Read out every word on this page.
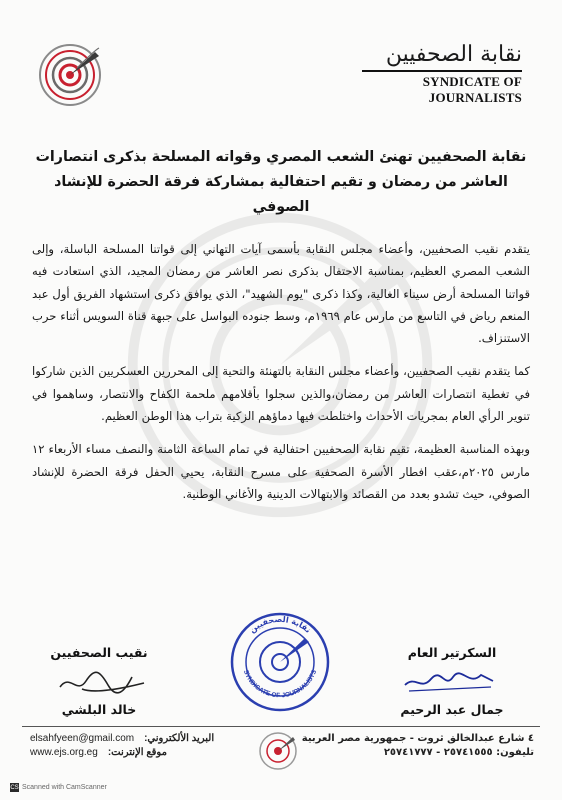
نقابة الصحفيين
SYNDICATE OF JOURNALISTS
نقابة الصحفيين تهنئ الشعب المصري وقواته المسلحة بذكرى انتصارات
العاشر من رمضان و تقيم احتفالية بمشاركة فرقة الحضرة للإنشاد الصوفي

يتقدم نقيب الصحفيين، وأعضاء مجلس النقابة بأسمى آيات التهاني إلى قواتنا المسلحة الباسلة، وإلى الشعب المصري العظيم، بمناسبة الاحتفال بذكرى نصر العاشر من رمضان المجيد، الذي استعادت فيه قواتنا المسلحة أرض سيناء الغالية، وكذا ذكرى "يوم الشهيد"، الذي يوافق ذكرى استشهاد الفريق أول عبد المنعم رياض في التاسع من مارس عام ١٩٦٩م، وسط جنوده البواسل على جبهة قناة السويس أثناء حرب الاستنزاف.

كما يتقدم نقيب الصحفيين، وأعضاء مجلس النقابة بالتهنئة والتحية إلى المحررين العسكريين الذين شاركوا في تغطية انتصارات العاشر من رمضان،والذين سجلوا بأقلامهم ملحمة الكفاح والانتصار، وساهموا في تنوير الرأي العام بمجريات الأحداث واختلطت فيها دماؤهم الزكية بتراب هذا الوطن العظيم.

وبهذه المناسبة العظيمة، تقيم نقابة الصحفيين احتفالية في تمام الساعة الثامنة والنصف مساء الأربعاء ١٢ مارس ٢٠٢٥م،عقب افطار الأسرة الصحفية على مسرح النقابة، يحيي الحفل فرقة الحضرة للإنشاد الصوفي، حيث تشدو بعدد من القصائد والابتهالات الدينية والأغاني الوطنية.

نقابة الصحفيين
SYNDICATE OF JOURNALISTS
نقيب الصحفيين
خالد البلشي
السكرتير العام
جمال عبد الرحيم
elsahfyeen@gmail.com البريد الألكتروني:
www.ejs.org.eg موقع الإنترنت:
٤ شارع عبدالخالق ثروت - جمهورية مصر العربية
تليفون: ٢٥٧٤١٥٥٥ - ٢٥٧٤١٧٧٧
CS Scanned with CamScanner
